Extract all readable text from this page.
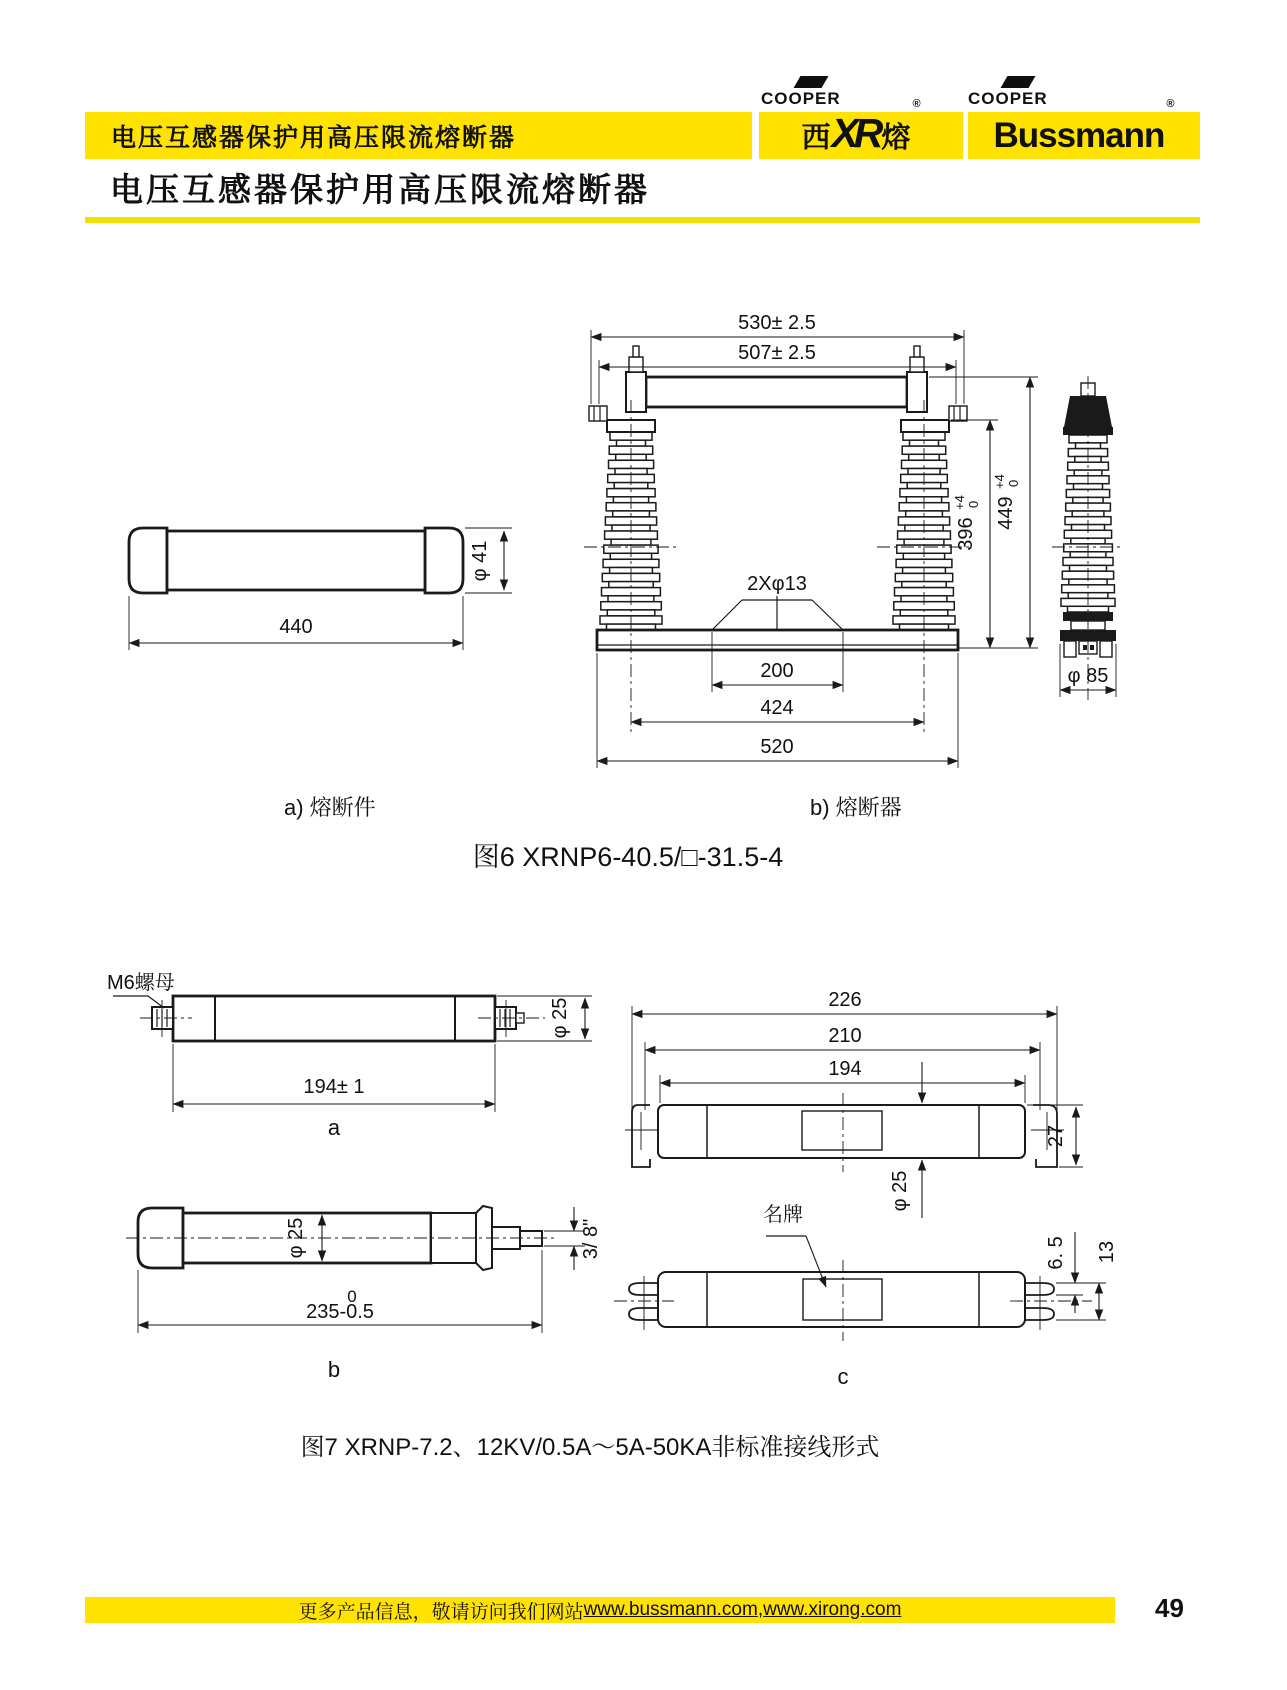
电压互感器保护用高压限流熔断器
COOPER
西 XR 熔
®	COOPER
Bussmann
®
电压互感器保护用高压限流熔断器
φ 41
440
2Xφ13
530± 2.5
507± 2.5
200
424
520
396
+4 0 449
+4 0
φ 85
a) 熔断件	b) 熔断器
图6 XRNP6-40.5/□-31.5-4
M6螺母
φ 25
194± 1
a
φ 25	3/ 8"
0
235-0.5
b
226
210
194
φ 25
27
名牌
6. 5 13
c
图7 XRNP-7.2、12KV/0.5A～5A-50KA非标准接线形式
更多产品信息，敬请访问我们网站 www.bussmann.com , www.xirong.com	49
